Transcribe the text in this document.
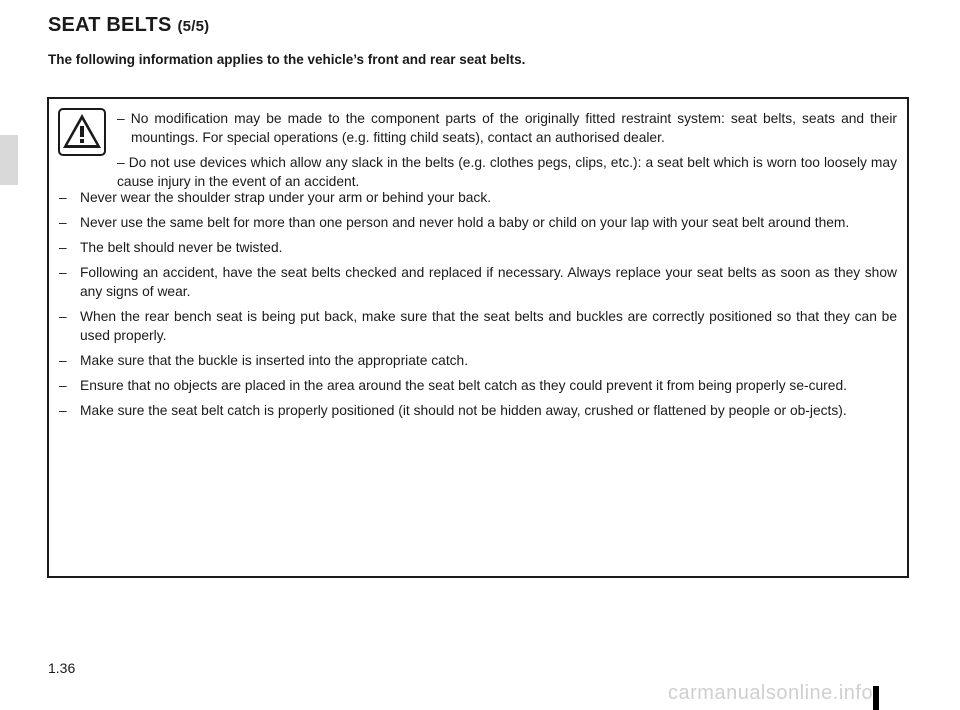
SEAT BELTS (5/5)

The following information applies to the vehicle’s front and rear seat belts.

– No modification may be made to the component parts of the originally fitted restraint system: seat belts, seats and their mountings. For special operations (e.g. fitting child seats), contact an authorised dealer.
– Do not use devices which allow any slack in the belts (e.g. clothes pegs, clips, etc.): a seat belt which is worn too loosely may cause injury in the event of an accident.
– Never wear the shoulder strap under your arm or behind your back.
– Never use the same belt for more than one person and never hold a baby or child on your lap with your seat belt around them.
– The belt should never be twisted.
– Following an accident, have the seat belts checked and replaced if necessary. Always replace your seat belts as soon as they show any signs of wear.
– When the rear bench seat is being put back, make sure that the seat belts and buckles are correctly positioned so that they can be used properly.
– Make sure that the buckle is inserted into the appropriate catch.
– Ensure that no objects are placed in the area around the seat belt catch as they could prevent it from being properly se-cured.
– Make sure the seat belt catch is properly positioned (it should not be hidden away, crushed or flattened by people or ob-jects).
1.36
carmanualsonline.info
